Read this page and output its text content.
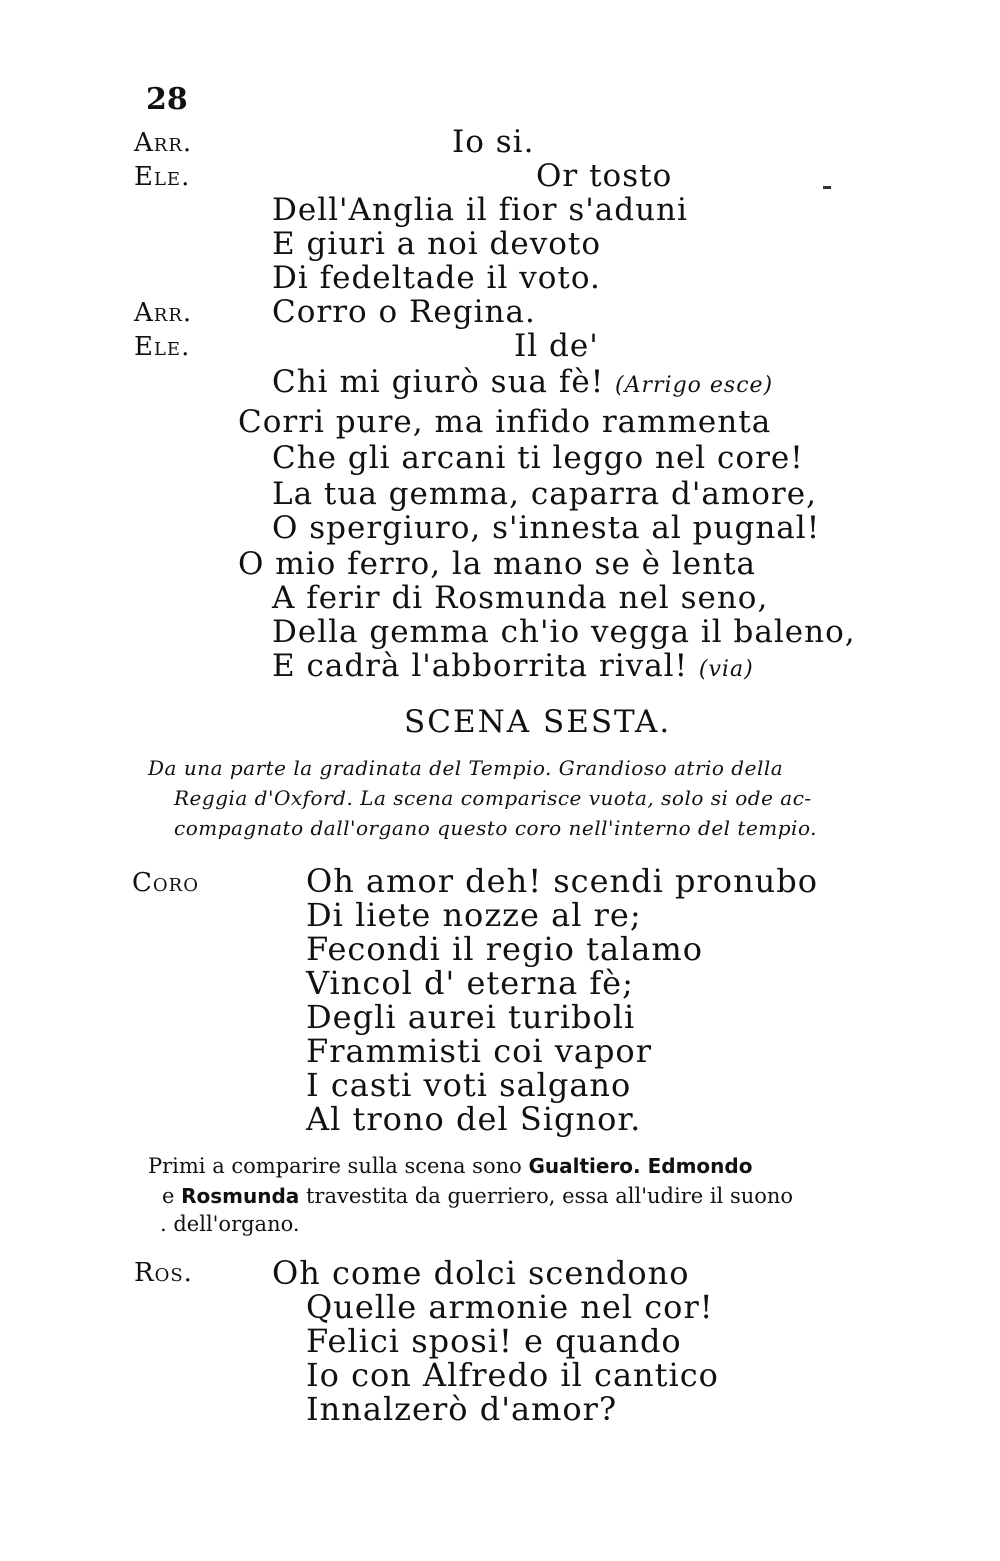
28
Arr.
Ele.
Arr.
Ele.
Io si.
Or tosto
Dell'Anglia il fior s'aduni
E giuri a noi devoto
Di fedeltade il voto.
Corro o Regina.
Il de'
Chi mi giurò sua fè! (Arrigo esce)
Corri pure, ma infido rammenta
Che gli arcani ti leggo nel core!
La tua gemma, caparra d'amore,
O spergiuro, s'innesta al pugnal!
O mio ferro, la mano se è lenta
A ferir di Rosmunda nel seno,
Della gemma ch'io vegga il baleno,
E cadrà l'abborrita rival! (via)
SCENA SESTA.
Da una parte la gradinata del Tempio. Grandioso atrio della
Reggia d'Oxford. La scena comparisce vuota, solo si ode ac-
compagnato dall'organo questo coro nell'interno del tempio.
Coro	Oh amor deh! scendi pronubo
Di liete nozze al re;
Fecondi il regio talamo
Vincol d' eterna fè;
Degli aurei turiboli
Frammisti coi vapor
I casti voti salgano
Al trono del Signor.
Primi a comparire sulla scena sono Gualtiero. Edmondo
e Rosmunda travestita da guerriero, essa all'udire il suono
. dell'organo.
Ros. Oh come dolci scendono
Quelle armonie nel cor!
Felici sposi! e quando
Io con Alfredo il cantico
Innalzerò d'amor?
